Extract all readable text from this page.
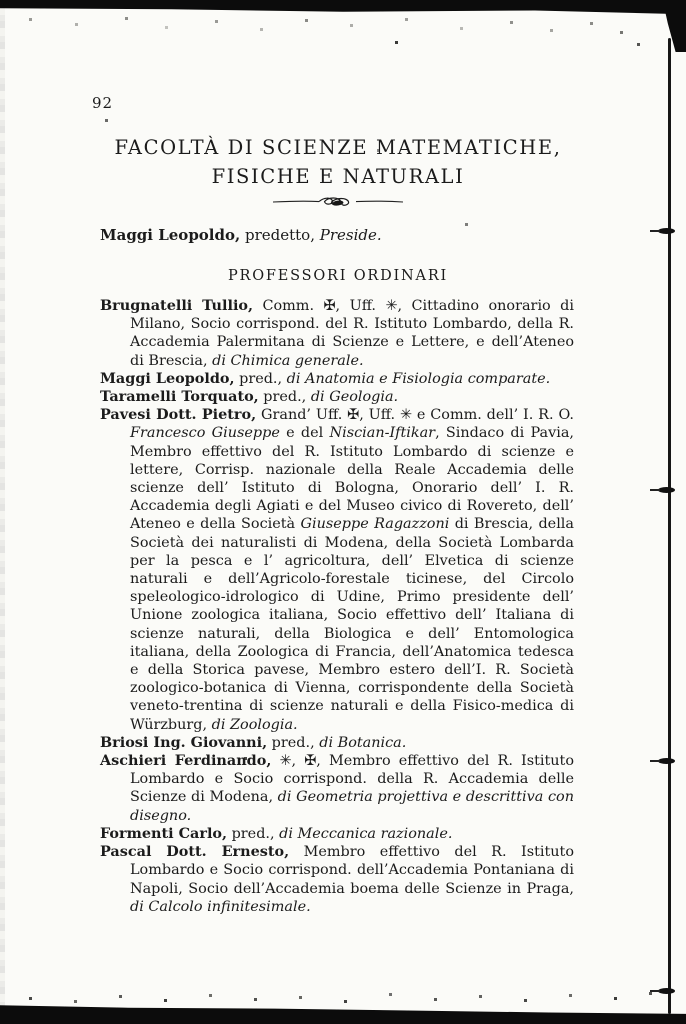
92
FACOLTÀ DI SCIENZE MATEMATICHE,
FISICHE E NATURALI
Maggi Leopoldo, predetto, Preside.
PROFESSORI ORDINARI

Brugnatelli Tullio, Comm. ✠, Uff. ✳, Cittadino onorario di Milano, Socio corrispond. del R. Istituto Lombardo, della R. Accademia Palermitana di Scienze e Lettere, e dell’Ateneo di Brescia, di Chimica generale.

Maggi Leopoldo, pred., di Anatomia e Fisiologia comparate.

Taramelli Torquato, pred., di Geologia.

Pavesi Dott. Pietro, Grand’ Uff. ✠, Uff. ✳ e Comm. dell’ I. R. O. Francesco Giuseppe e del Niscian-Iftikar, Sindaco di Pavia, Membro effettivo del R. Istituto Lombardo di scienze e lettere, Corrisp. nazionale della Reale Accademia delle scienze dell’ Istituto di Bologna, Onorario dell’ I. R. Accademia degli Agiati e del Museo civico di Rovereto, dell’ Ateneo e della Società Giuseppe Ragazzoni di Brescia, della Società dei naturalisti di Modena, della Società Lombarda per la pesca e l’ agricoltura, dell’ Elvetica di scienze naturali e dell’Agricolo-forestale ticinese, del Circolo speleologico-idrologico di Udine, Primo presidente dell’ Unione zoologica italiana, Socio effettivo dell’ Italiana di scienze naturali, della Biologica e dell’ Entomologica italiana, della Zoologica di Francia, dell’Anatomica tedesca e della Storica pavese, Membro estero dell’I. R. Società zoologico-botanica di Vienna, corrispondente della Società veneto-trentina di scienze naturali e della Fisico-medica di Würzburg, di Zoologia.

Briosi Ing. Giovanni, pred., di Botanica.

Aschieri Ferdinando, ✳, ✠, Membro effettivo del R. Istituto Lombardo e Socio corrispond. della R. Accademia delle Scienze di Modena, di Geometria projettiva e descrittiva con disegno.

Formenti Carlo, pred., di Meccanica razionale.

Pascal Dott. Ernesto, Membro effettivo del R. Istituto Lombardo e Socio corrispond. dell’Accademia Pontaniana di Napoli, Socio dell’Accademia boema delle Scienze in Praga, di Calcolo infinitesimale.
